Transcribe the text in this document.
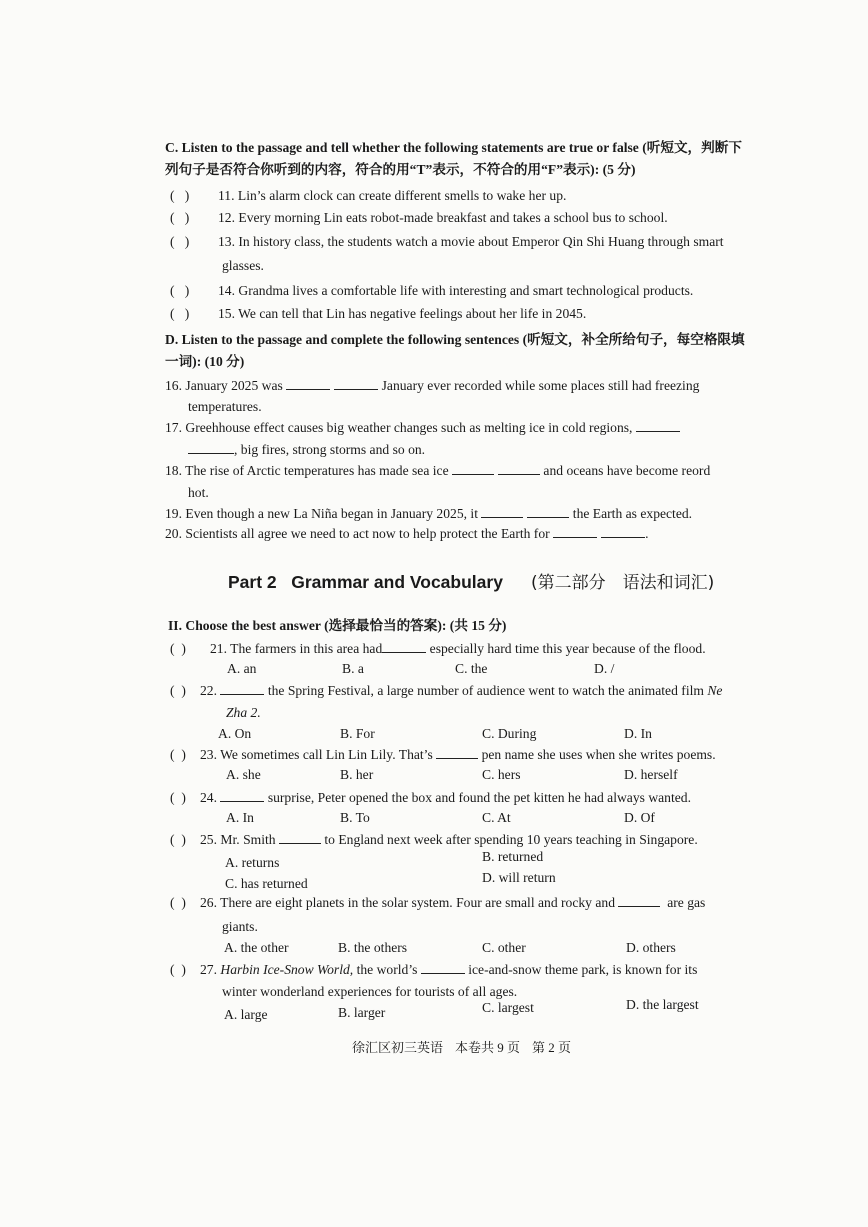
C. Listen to the passage and tell whether the following statements are true or false (听短文，判断下列句子是否符合你听到的内容，符合的用“T”表示，不符合的用“F”表示): (5 分)
(   ) 11. Lin’s alarm clock can create different smells to wake her up.
(   ) 12. Every morning Lin eats robot-made breakfast and takes a school bus to school.
(   ) 13. In history class, the students watch a movie about Emperor Qin Shi Huang through smart
glasses.
(   ) 14. Grandma lives a comfortable life with interesting and smart technological products.
(   ) 15. We can tell that Lin has negative feelings about her life in 2045.
D. Listen to the passage and complete the following sentences (听短文，补全所给句子，每空格限填一词): (10 分)
16. January 2025 was	January ever recorded while some places still had freezing
temperatures.
17. Greehhouse effect causes big weather changes such as melting ice in cold regions,
, big fires, strong storms and so on.
18. The rise of Arctic temperatures has made sea ice	and oceans have become reord
hot.
19. Even though a new La Niña began in January 2025, it	the Earth as expected.
20. Scientists all agree we need to act now to help protect the Earth for	.
Part 2   Grammar and Vocabulary (第二部分　语法和词汇)
II. Choose the best answer (选择最恰当的答案): (共 15 分)
(  ) 21. The farmers in this area had	especially hard time this year because of the flood.
A. an	B. a	C. the	D. /
(  ) 22.	the Spring Festival, a large number of audience went to watch the animated film Ne
Zha 2.
A. On	B. For	C. During	D. In
(  ) 23. We sometimes call Lin Lin Lily. That’s	pen name she uses when she writes poems.
A. she	B. her	C. hers	D. herself
(  ) 24.	surprise, Peter opened the box and found the pet kitten he had always wanted.
A. In	B. To	C. At	D. Of
(  ) 25. Mr. Smith	to England next week after spending 10 years teaching in Singapore.
A. returns	B. returned
C. has returned	D. will return
(  ) 26. There are eight planets in the solar system. Four are small and rocky and	are gas
giants.
A. the other	B. the others	C. other	D. others
(  ) 27. Harbin Ice-Snow World, the world’s	ice-and-snow theme park, is known for its
winter wonderland experiences for tourists of all ages.
A. large	B. larger	C. largest	D. the largest
徐汇区初三英语 本卷共 9 页 第 2 页
